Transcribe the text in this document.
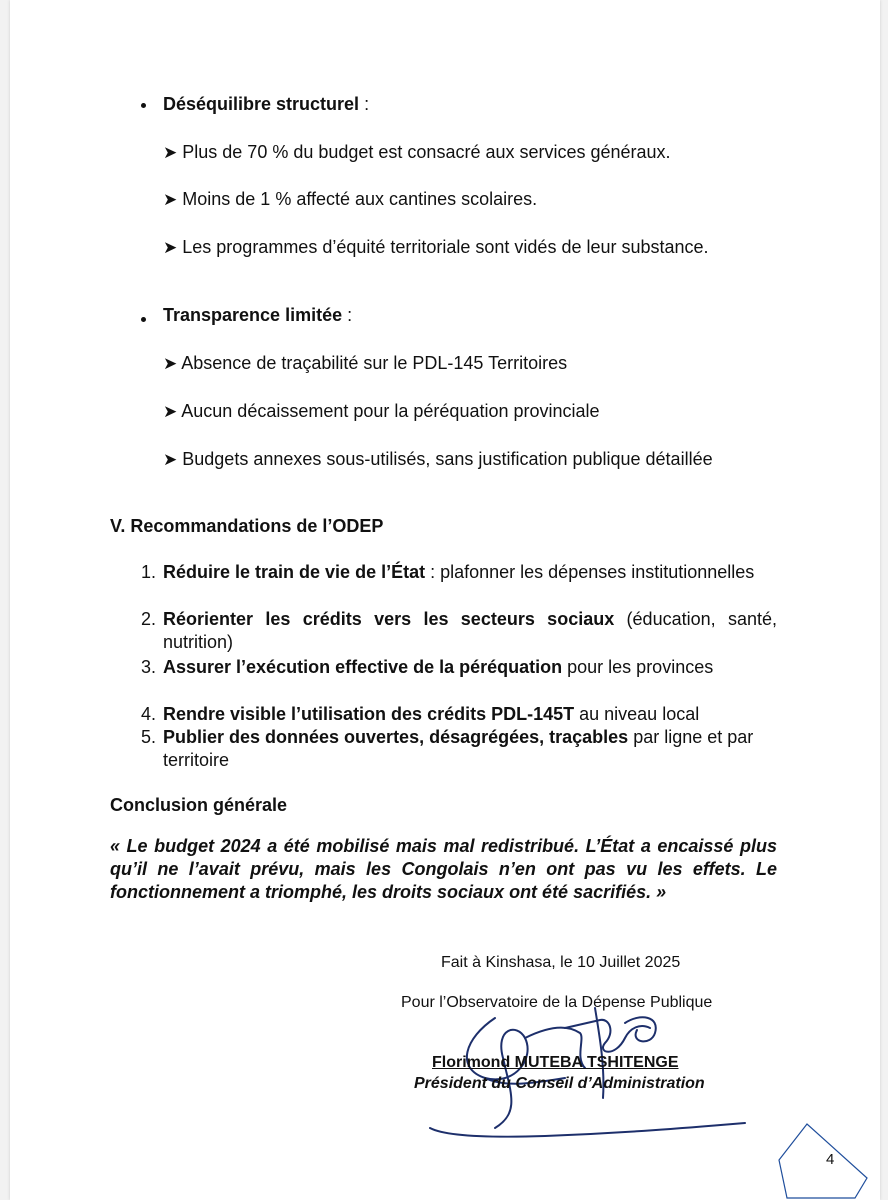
Déséquilibre structurel :
➤ Plus de 70 % du budget est consacré aux services généraux.
➤ Moins de 1 % affecté aux cantines scolaires.
➤ Les programmes d’équité territoriale sont vidés de leur substance.
Transparence limitée :
➤ Absence de traçabilité sur le PDL-145 Territoires
➤ Aucun décaissement pour la péréquation provinciale
➤ Budgets annexes sous-utilisés, sans justification publique détaillée
V. Recommandations de l’ODEP
1. Réduire le train de vie de l’État : plafonner les dépenses institutionnelles
2. Réorienter les crédits vers les secteurs sociaux (éducation, santé, nutrition)
3. Assurer l’exécution effective de la péréquation pour les provinces
4. Rendre visible l’utilisation des crédits PDL-145T au niveau local
5. Publier des données ouvertes, désagrégées, traçables par ligne et par territoire
Conclusion générale
« Le budget 2024 a été mobilisé mais mal redistribué. L’État a encaissé plus qu’il ne l’avait prévu, mais les Congolais n’en ont pas vu les effets. Le fonctionnement a triomphé, les droits sociaux ont été sacrifiés. »
Fait à Kinshasa, le 10 Juillet 2025
Pour l’Observatoire de la Dépense Publique
Florimond MUTEBA TSHITENGE
Président du Conseil d’Administration
4
